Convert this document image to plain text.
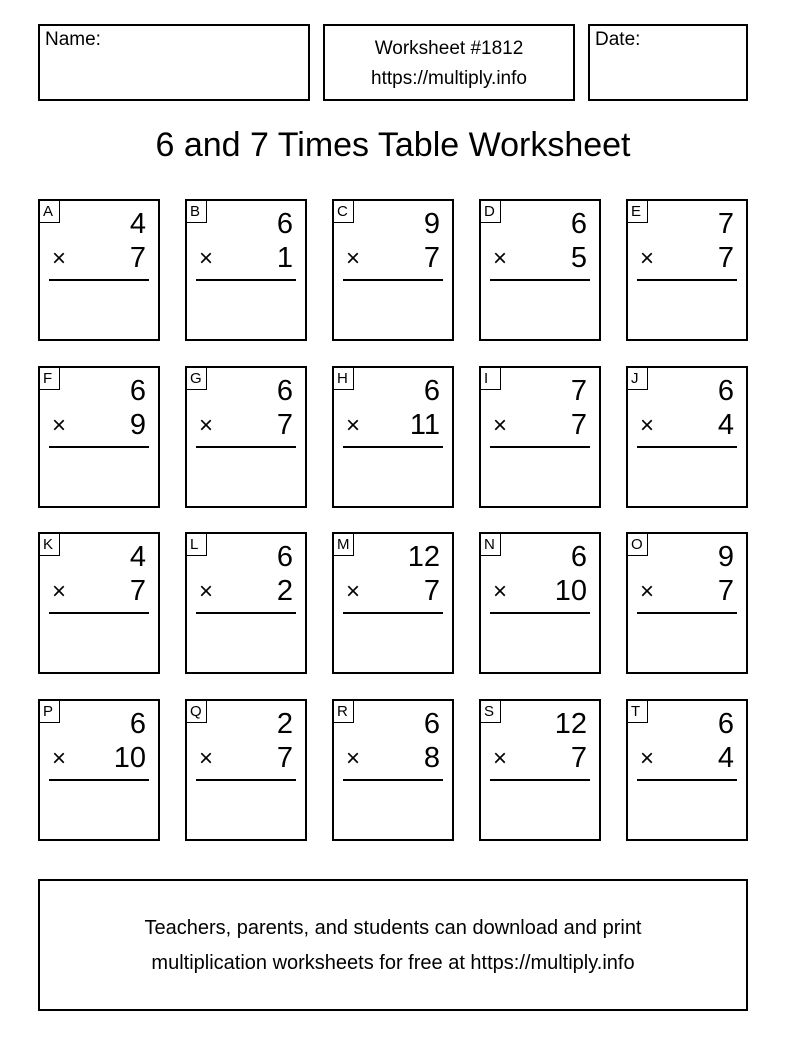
Name:	Worksheet #1812
https://multiply.info
Date:
6 and 7 Times Table Worksheet
A	4
× 7
B	6
× 1
C	9
× 7
D	6
× 5
E	7
× 7
F	6
× 9
G	6
× 7
H	6
× 11
I	7
× 7
J	6
× 4
K	4
× 7
L	6
× 2
M 12
× 7
N	6
× 10
O	9
× 7
P	6
× 10
Q	2
× 7
R	6
× 8
S 12
× 7
T	6
× 4
Teachers, parents, and students can download and print
multiplication worksheets for free at https://multiply.info
